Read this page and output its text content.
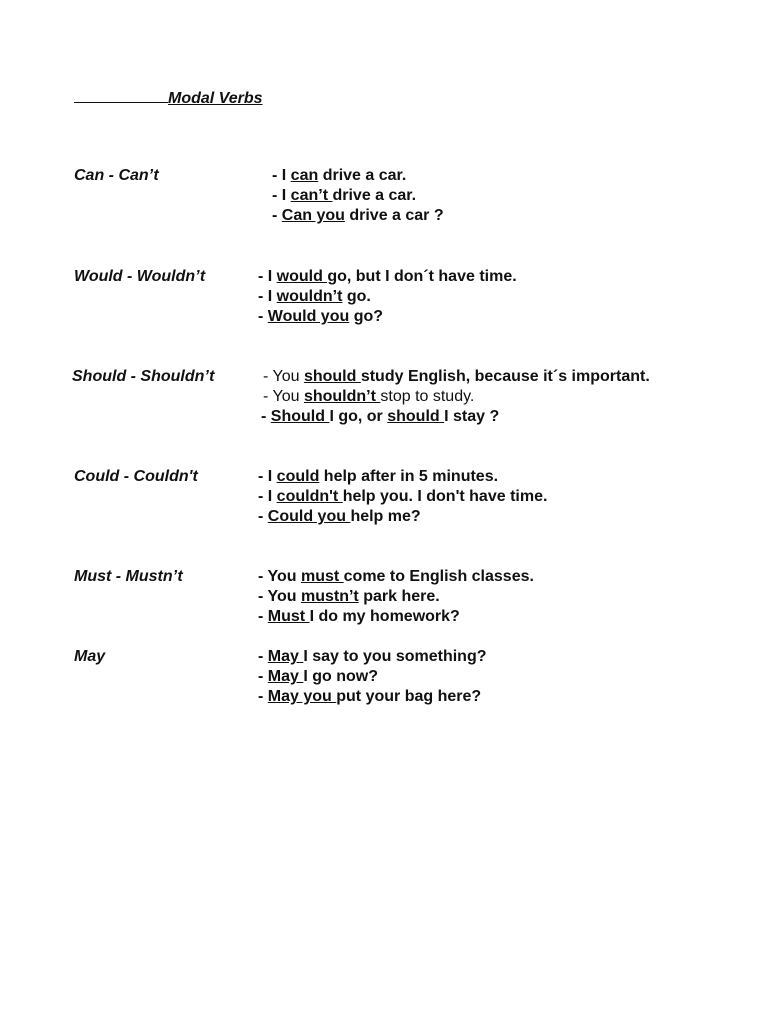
Modal Verbs
Can - Can’t	- I can drive a car.
- I can’t drive a car.
- Can you drive a car ?
Would - Wouldn’t	- I would go, but I don´t have time.
- I wouldn’t go.
- Would you go?
Should - Shouldn’t	- You should study English, because it´s important.
- You shouldn’t stop to study.
- Should I go, or should I stay ?
Could - Couldn't	- I could help after in 5 minutes.
- I couldn't help you. I don't have time.
- Could you help me?
Must - Mustn’t	- You must come to English classes.
- You mustn’t park here.
- Must I do my homework?
May	- May I say to you something?
- May I go now?
- May you put your bag here?
